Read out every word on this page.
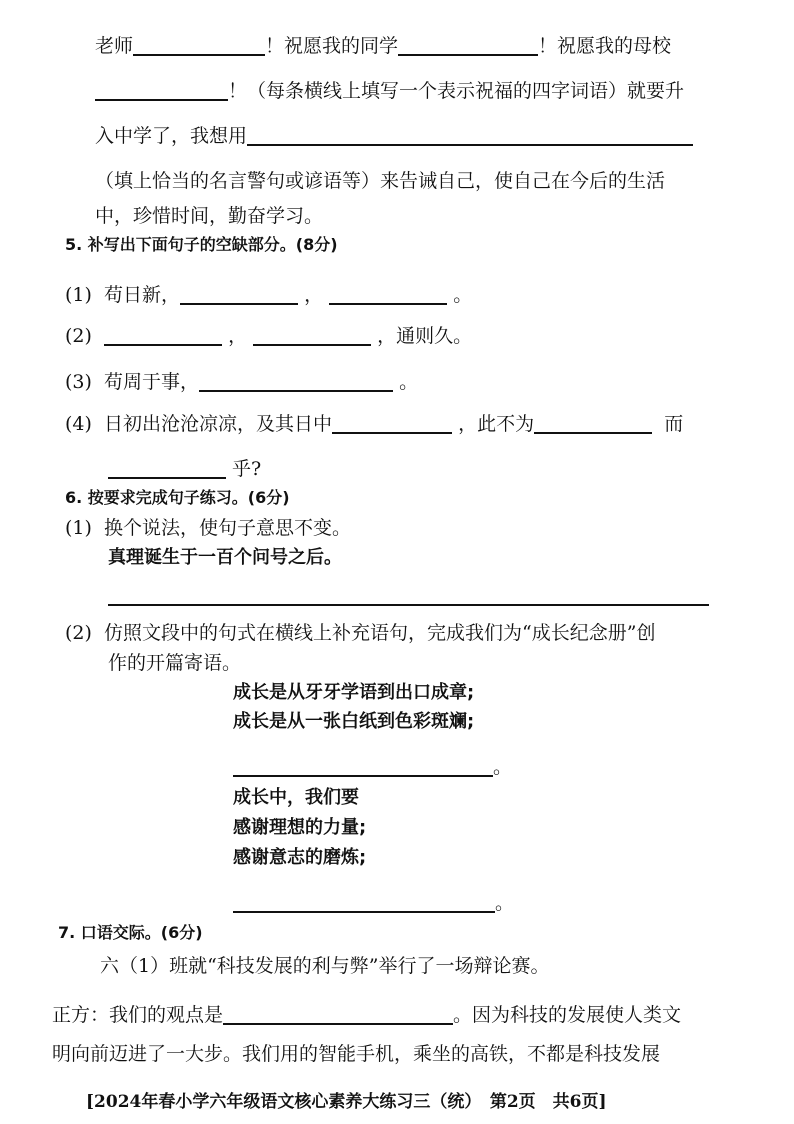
老师	！祝愿我的同学	！祝愿我的母校
！（每条横线上填写一个表示祝福的四字词语）就要升
入中学了，我想用
（填上恰当的名言警句或谚语等）来告诫自己，使自己在今后的生活
中，珍惜时间，勤奋学习。
5. 补写出下面句子的空缺部分。(8分)
(1) 苟日新，	，	。
(2)	，	，通则久。
(3) 苟周于事，	。
(4) 日初出沧沧凉凉，及其日中	，此不为	而
乎?
6. 按要求完成句子练习。(6分)
(1) 换个说法，使句子意思不变。
真理诞生于一百个问号之后。
(2) 仿照文段中的句式在横线上补充语句，完成我们为“成长纪念册”创
作的开篇寄语。
成长是从牙牙学语到出口成章;
成长是从一张白纸到色彩斑斓;
。
成长中，我们要
感谢理想的力量;
感谢意志的磨炼;
。
7. 口语交际。(6分)
六（1）班就“科技发展的利与弊”举行了一场辩论赛。
正方：我们的观点是	。因为科技的发展使人类文
明向前迈进了一大步。我们用的智能手机，乘坐的高铁，不都是科技发展
[2024年春小学六年级语文核心素养大练习三（统）　第2页　共6页]
